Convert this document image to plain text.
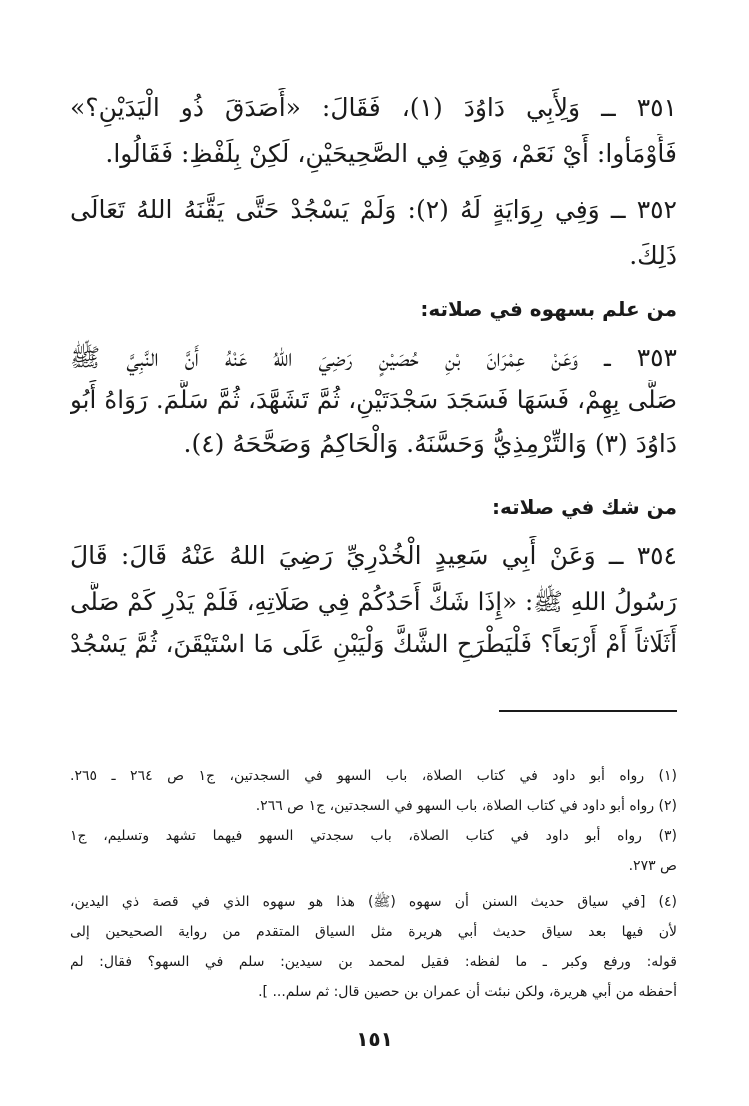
٣٥١ ــ وَلِأَبِي دَاوُدَ (١)، فَقَالَ: «أَصَدَقَ ذُو الْيَدَيْنِ؟»
فَأَوْمَأوا: أَيْ نَعَمْ، وَهِيَ فِي الصَّحِيحَيْنِ، لَكِنْ بِلَفْظِ: فَقَالُوا.
٣٥٢ ــ وَفِي رِوَايَةٍ لَهُ (٢): وَلَمْ يَسْجُدْ حَتَّى يَقَّنَهُ اللهُ تَعَالَى
ذَلِكَ.
من علم بسهوه في صلاته:
٣٥٣ ــ وَعَنْ عِمْرَانَ بْنِ حُصَيْنٍ رَضِيَ اللهُ عَنْهُ أَنَّ النَّبِيَّ ﷺ
صَلَّى بِهِمْ، فَسَهَا فَسَجَدَ سَجْدَتَيْنِ، ثُمَّ تَشَهَّدَ، ثُمَّ سَلَّمَ. رَوَاهُ أَبُو
دَاوُدَ (٣) وَالتِّرْمِذِيُّ وَحَسَّنَهُ. وَالْحَاكِمُ وَصَحَّحَهُ (٤).
من شك في صلاته:
٣٥٤ ــ وَعَنْ أَبِي سَعِيدٍ الْخُدْرِيِّ رَضِيَ اللهُ عَنْهُ قَالَ: قَالَ
رَسُولُ اللهِ ﷺ: «إِذَا شَكَّ أَحَدُكُمْ فِي صَلَاتِهِ، فَلَمْ يَدْرِ كَمْ صَلَّى
أَثَلَاثاً أَمْ أَرْبَعاً؟ فَلْيَطْرَحِ الشَّكَّ وَلْيَبْنِ عَلَى مَا اسْتَيْقَنَ، ثُمَّ يَسْجُدْ
(١) رواه أبو داود في كتاب الصلاة، باب السهو في السجدتين، ج١ ص ٢٦٤ ـ ٢٦٥.
(٢) رواه أبو داود في كتاب الصلاة، باب السهو في السجدتين، ج١ ص ٢٦٦.
(٣) رواه أبو داود في كتاب الصلاة، باب سجدتي السهو فيهما تشهد وتسليم، ج١
ص ٢٧٣.
(٤) [في سياق حديث السنن أن سهوه (ﷺ) هذا هو سهوه الذي في قصة ذي اليدين،
لأن فيها بعد سياق حديث أبي هريرة مثل السياق المتقدم من رواية الصحيحين إلى
قوله: ورفع وكبر ـ ما لفظه: فقيل لمحمد بن سيدين: سلم في السهو؟ فقال: لم
أحفظه من أبي هريرة، ولكن نبئت أن عمران بن حصين قال: ثم سلم... ].
١٥١
